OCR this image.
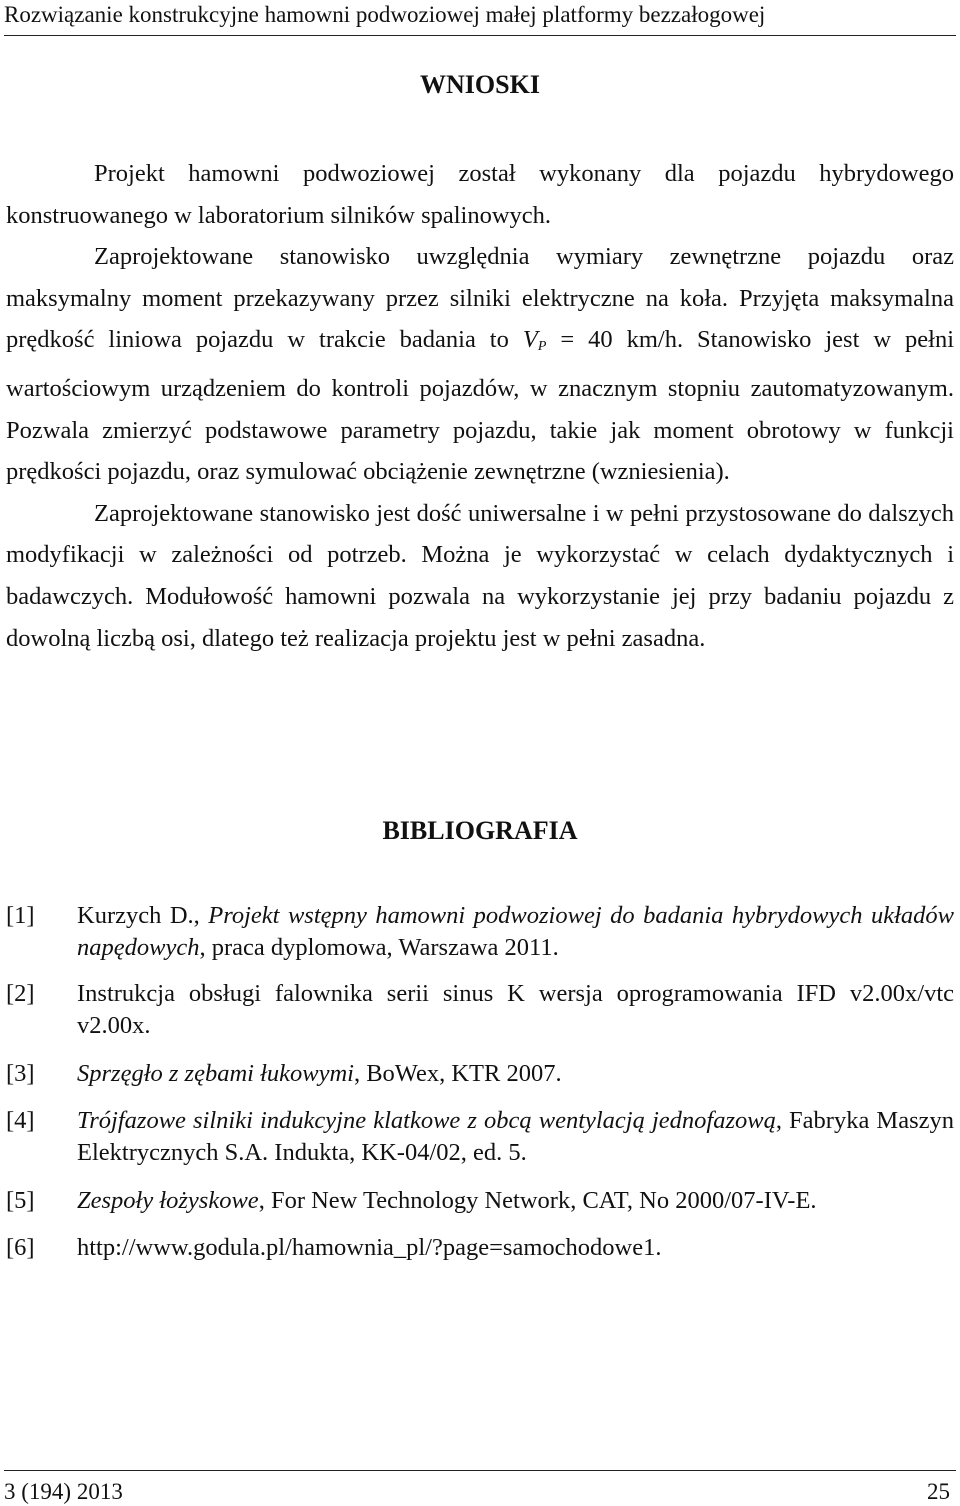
Rozwiązanie konstrukcyjne hamowni podwoziowej małej platformy bezzałogowej
WNIOSKI

Projekt hamowni podwoziowej został wykonany dla pojazdu hybrydowego konstruowanego w laboratorium silników spalinowych.

Zaprojektowane stanowisko uwzględnia wymiary zewnętrzne pojazdu oraz maksymalny moment przekazywany przez silniki elektryczne na koła. Przyjęta maksymalna prędkość liniowa pojazdu w trakcie badania to $V_P = 40$ km/h. Stanowisko jest w pełni wartościowym urządzeniem do kontroli pojazdów, w znacznym stopniu zautomatyzowanym. Pozwala zmierzyć podstawowe parametry pojazdu, takie jak moment obrotowy w funkcji prędkości pojazdu, oraz symulować obciążenie zewnętrzne (wzniesienia).

Zaprojektowane stanowisko jest dość uniwersalne i w pełni przystosowane do dalszych modyfikacji w zależności od potrzeb. Można je wykorzystać w celach dydaktycznych i badawczych. Modułowość hamowni pozwala na wykorzystanie jej przy badaniu pojazdu z dowolną liczbą osi, dlatego też realizacja projektu jest w pełni zasadna.

BIBLIOGRAFIA
[1] Kurzych D., Projekt wstępny hamowni podwoziowej do badania hybrydowych układów napędowych, praca dyplomowa, Warszawa 2011.
[2] Instrukcja obsługi falownika serii sinus K wersja oprogramowania IFD v2.00x/vtc v2.00x.
[3] Sprzęgło z zębami łukowymi, BoWex, KTR 2007.
[4] Trójfazowe silniki indukcyjne klatkowe z obcą wentylacją jednofazową, Fabryka Maszyn Elektrycznych S.A. Indukta, KK-04/02, ed. 5.
[5] Zespoły łożyskowe, For New Technology Network, CAT, No 2000/07-IV-E.
[6] http://www.godula.pl/hamownia_pl/?page=samochodowe1.
3 (194) 2013	25
